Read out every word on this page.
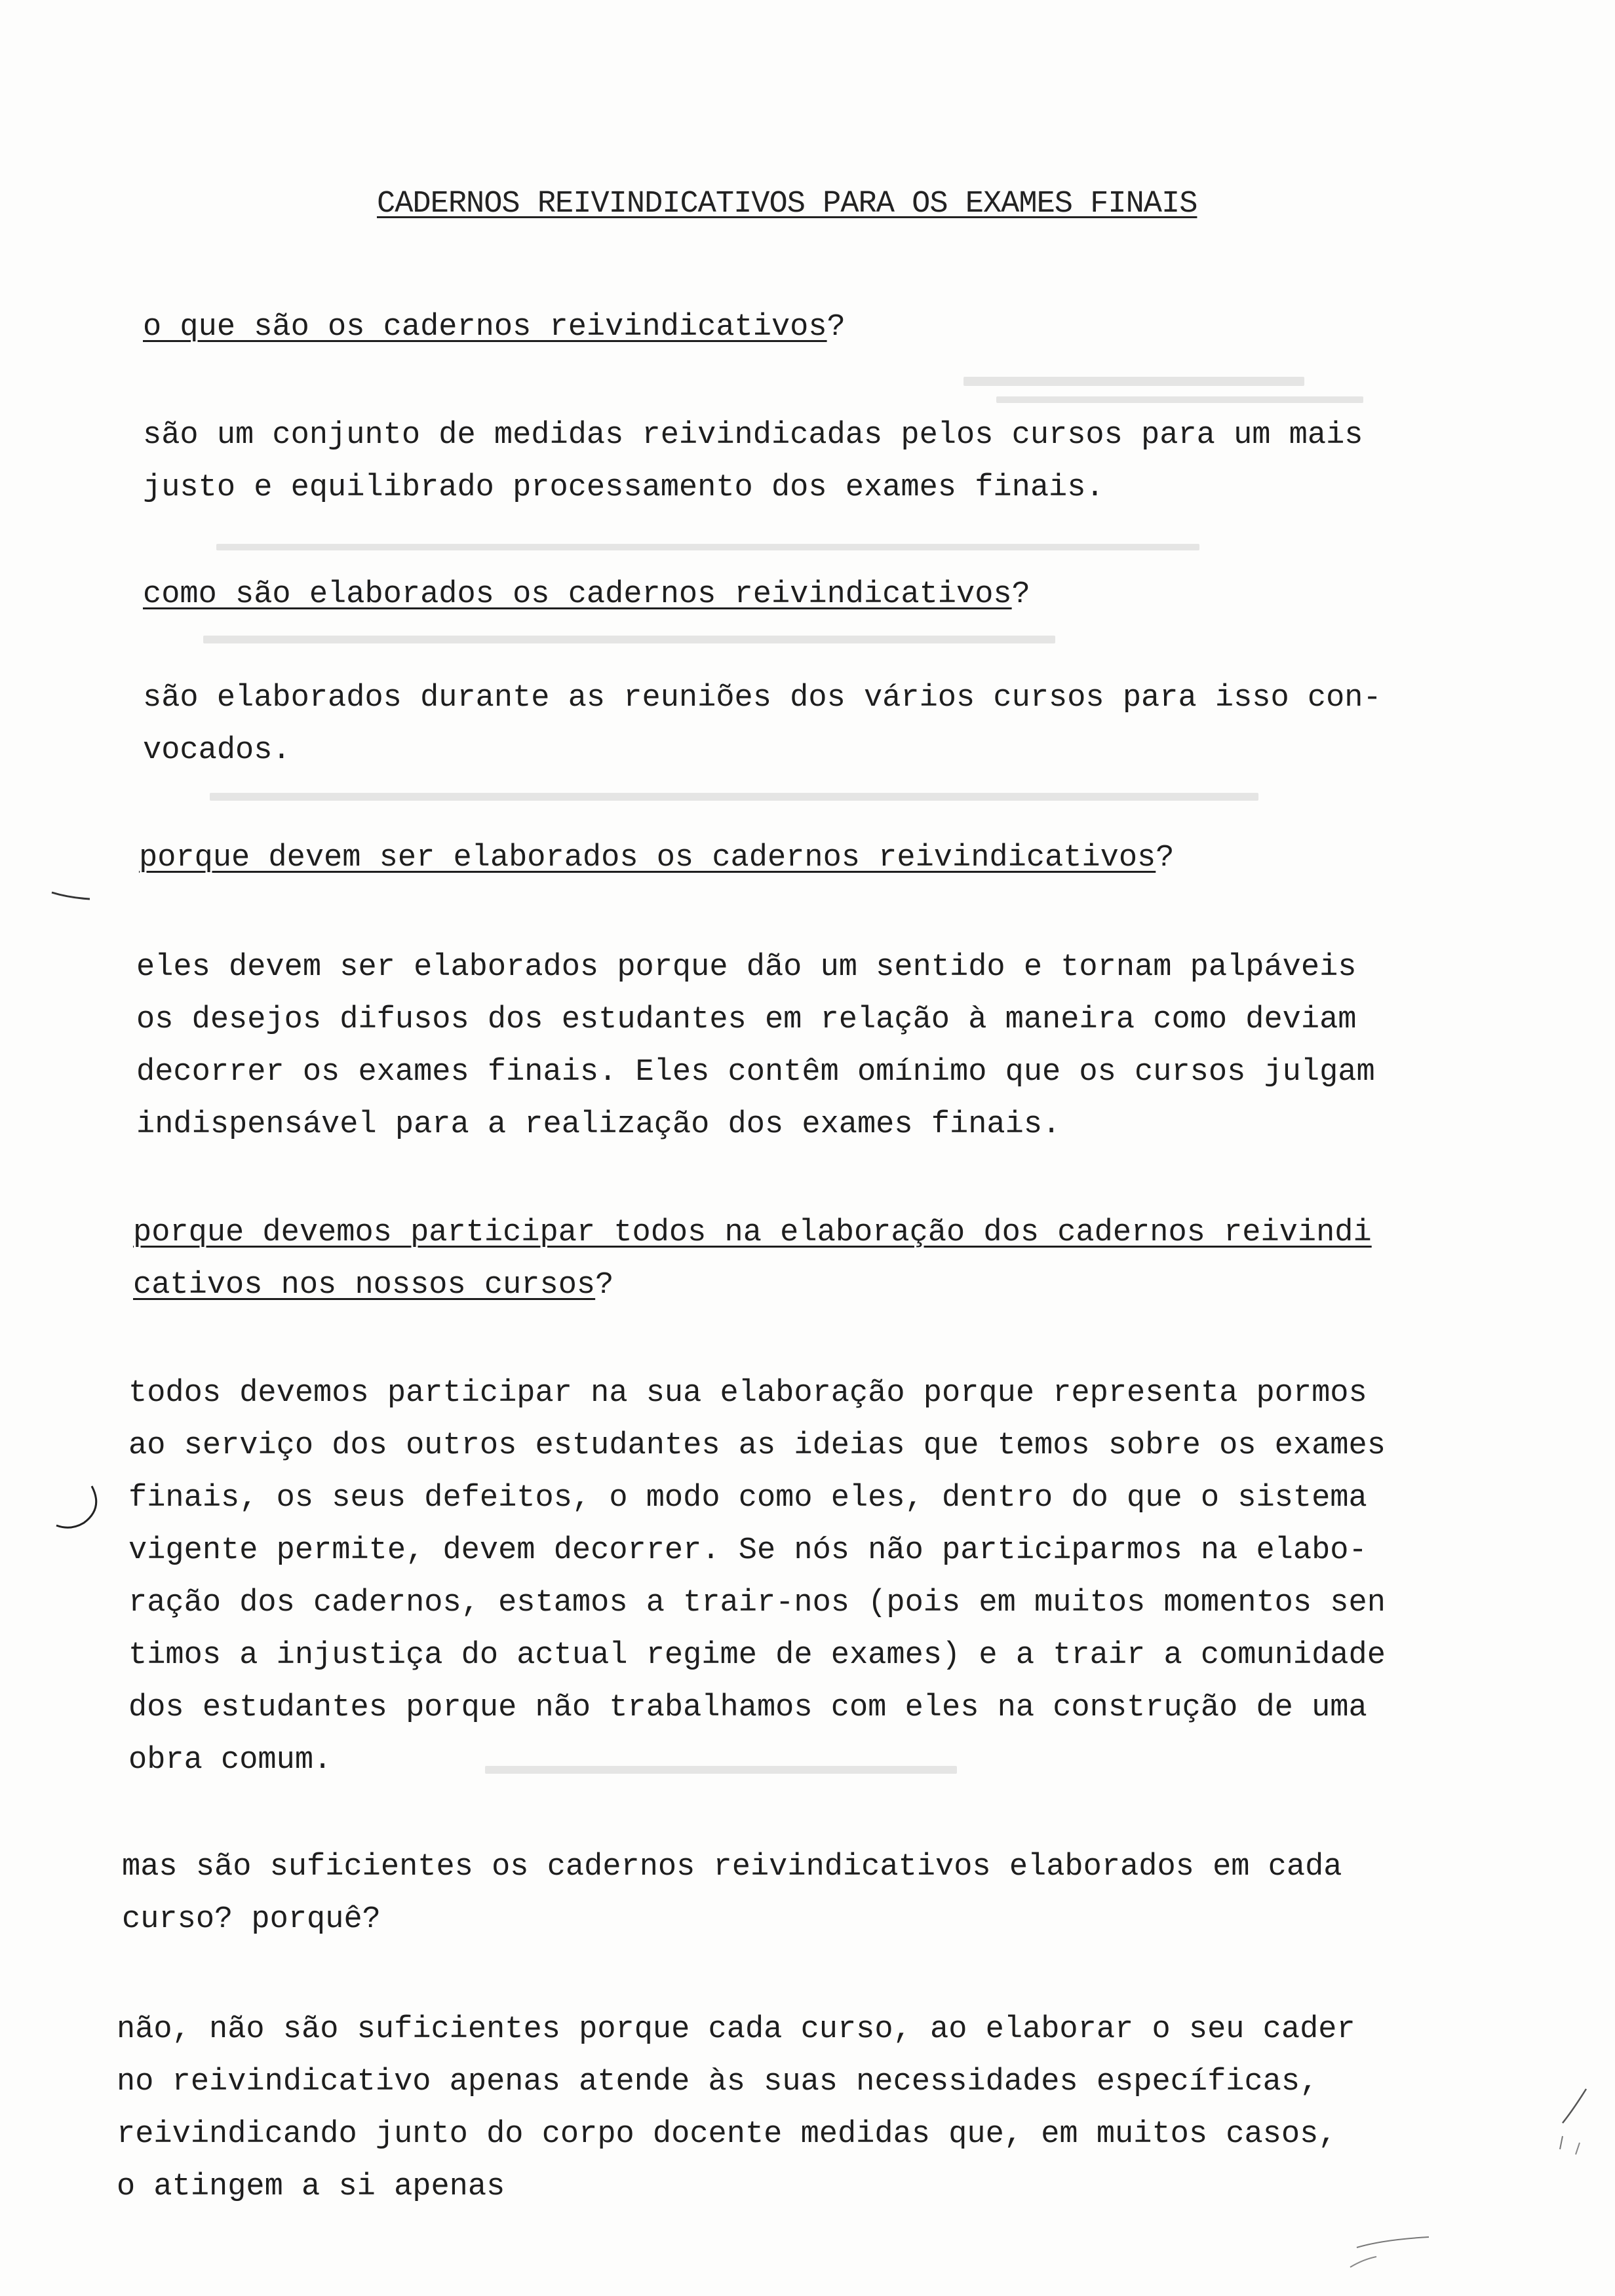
CADERNOS REIVINDICATIVOS PARA OS EXAMES FINAIS
o que são os cadernos reivindicativos?
são um conjunto de medidas reivindicadas pelos cursos para um mais
justo e equilibrado processamento dos exames finais.
como são elaborados os cadernos reivindicativos?
são elaborados durante as reuniões dos vários cursos para isso con-
vocados.
porque devem ser elaborados os cadernos reivindicativos?
eles devem ser elaborados porque dão um sentido e tornam palpáveis
os desejos difusos dos estudantes em relação à maneira como deviam
decorrer os exames finais. Eles contêm omínimo que os cursos julgam
indispensável para a realização dos exames finais.
porque devemos participar todos na elaboração dos cadernos reivindi
cativos nos nossos cursos?
todos devemos participar na sua elaboração porque representa pormos
ao serviço dos outros estudantes as ideias que temos sobre os exames
finais, os seus defeitos, o modo como eles, dentro do que o sistema
vigente permite, devem decorrer. Se nós não participarmos na elabo-
ração dos cadernos, estamos a trair-nos (pois em muitos momentos sen
timos a injustiça do actual regime de exames) e a trair a comunidade
dos estudantes porque não trabalhamos com eles na construção de uma
obra comum.
mas são suficientes os cadernos reivindicativos elaborados em cada
curso? porquê?
não, não são suficientes porque cada curso, ao elaborar o seu cader
no reivindicativo apenas atende às suas necessidades específicas,
reivindicando junto do corpo docente medidas que, em muitos casos,
o atingem a si apenas
